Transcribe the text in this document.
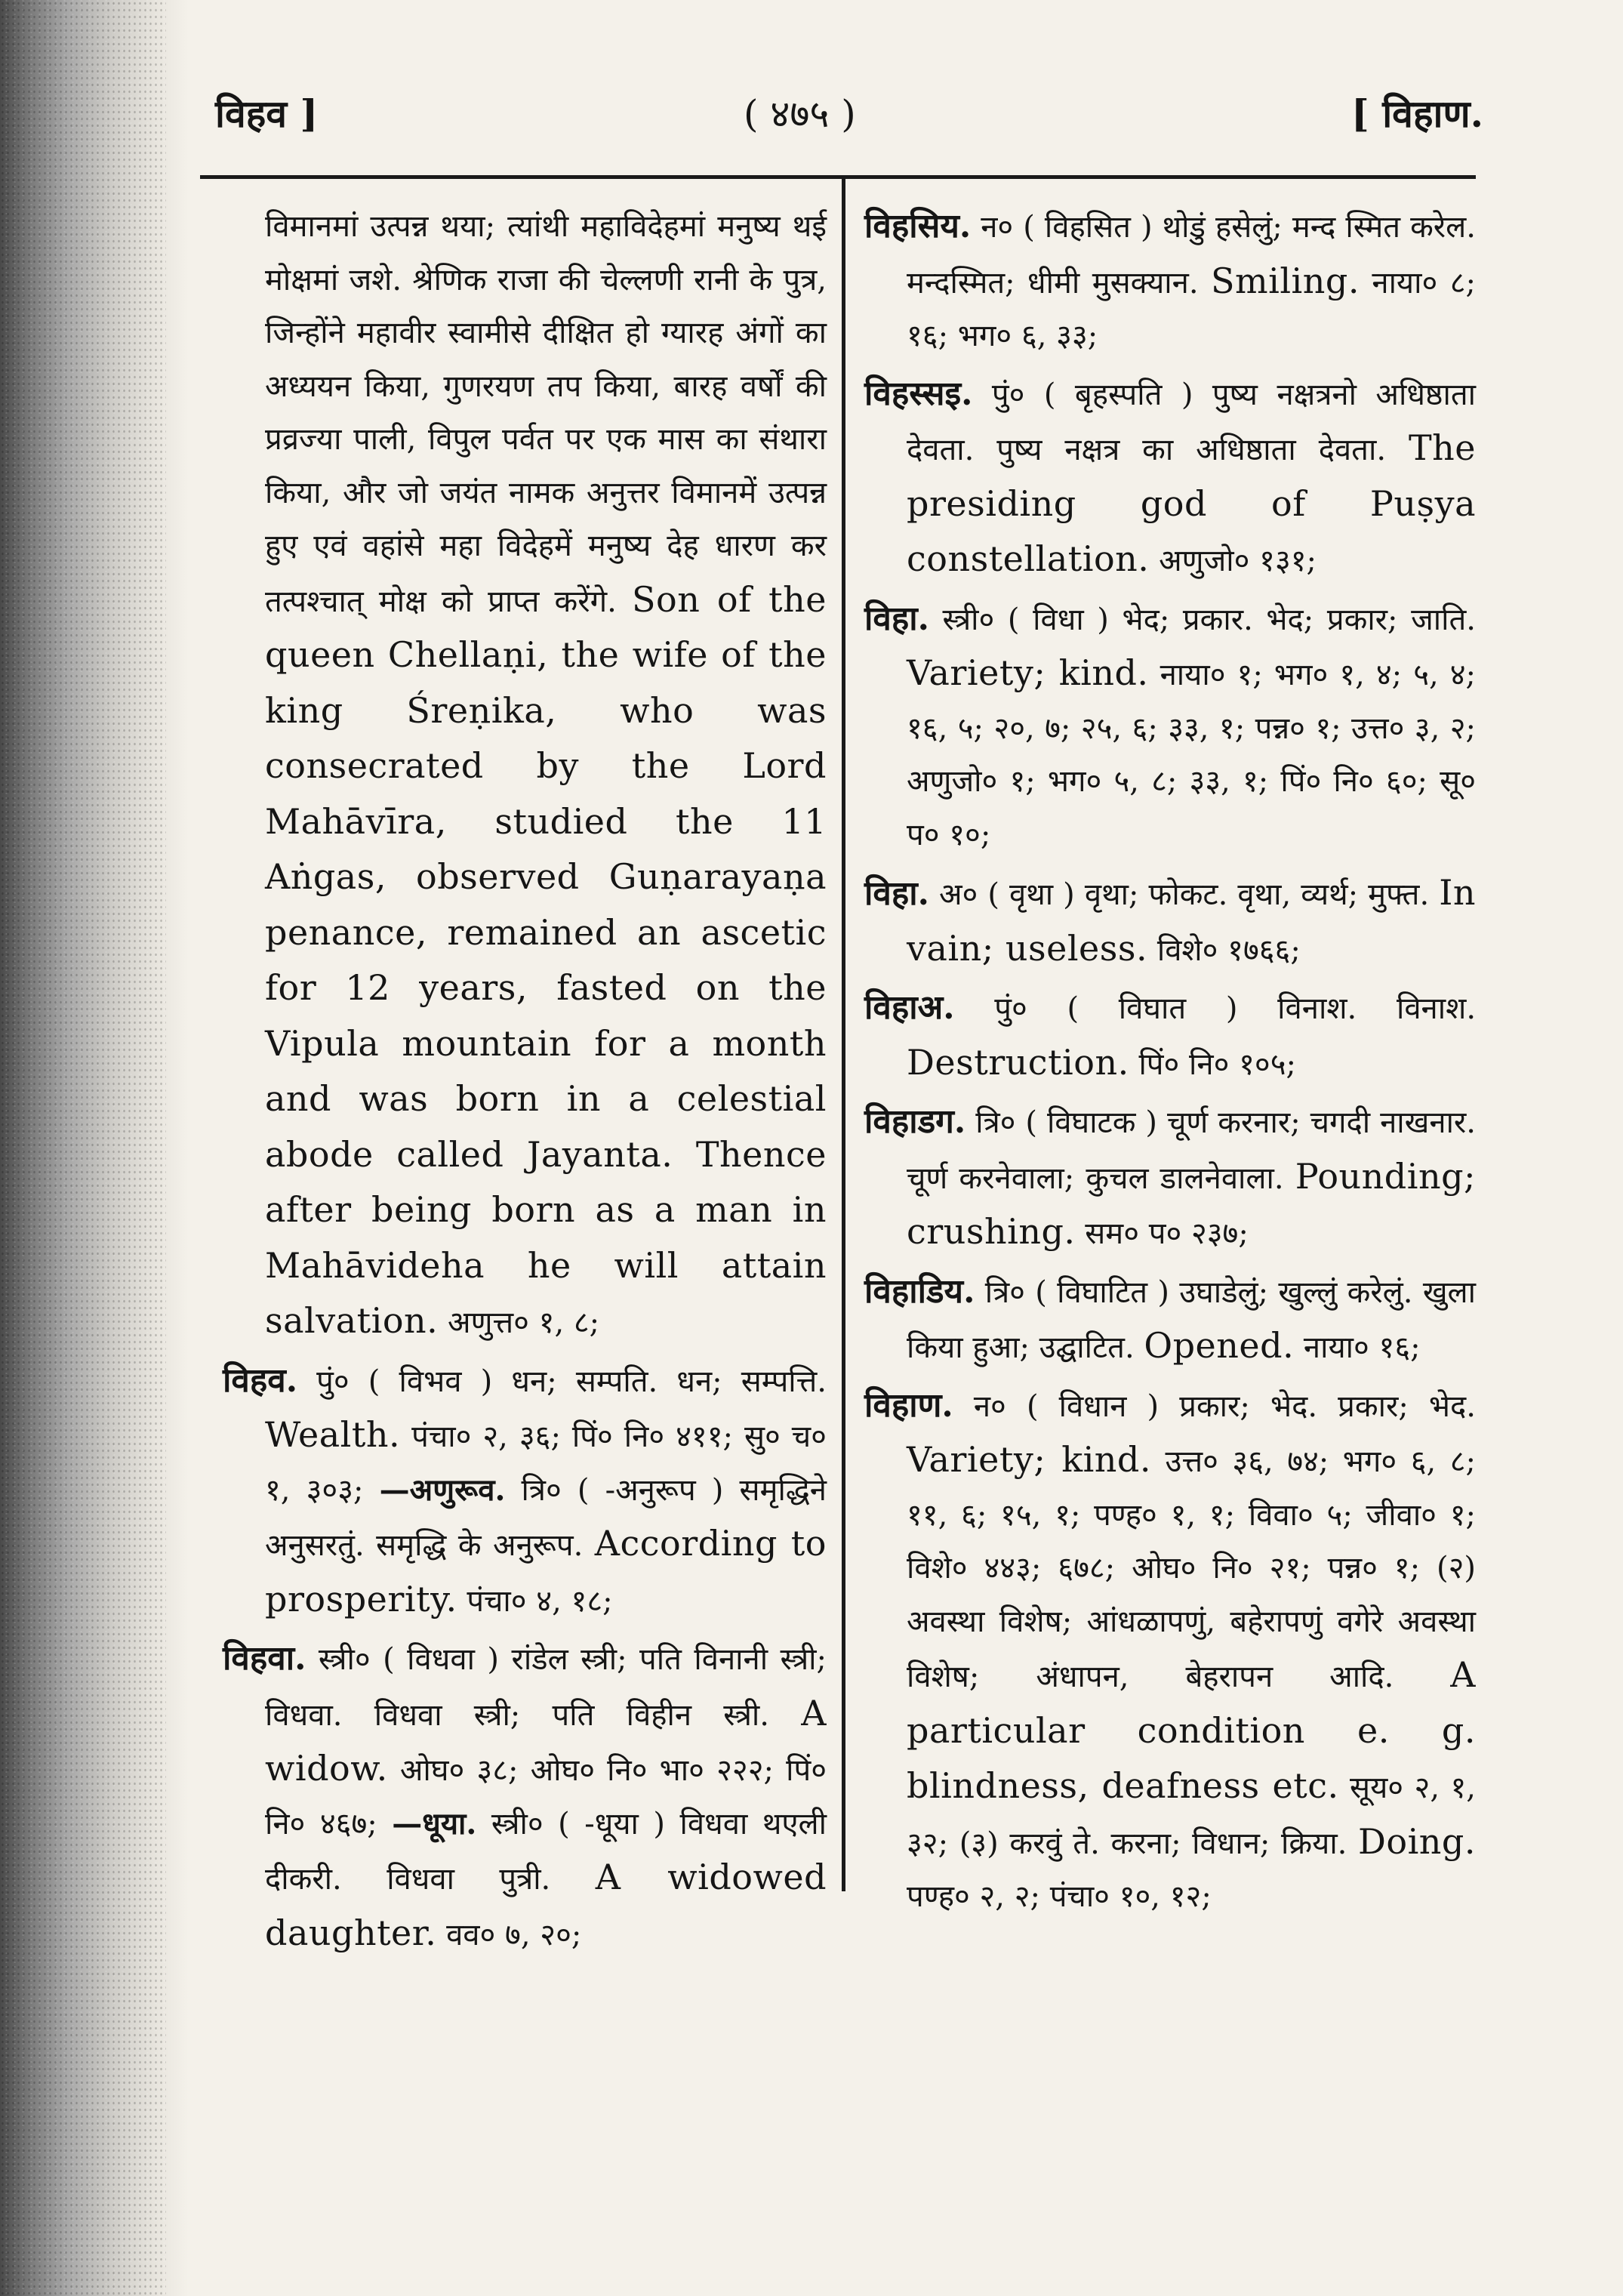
विहव ]	( ४७५ )	[ विहाण.

विमानमां उत्पन्न थया; त्यांथी महाविदेहमां मनुष्य थई मोक्षमां जशे. श्रेणिक राजा की चेल्लणी रानी के पुत्र, जिन्होंने महावीर स्वामीसे दीक्षित हो ग्यारह अंगों का अध्ययन किया, गुणरयण तप किया, बारह वर्षों की प्रव्रज्या पाली, विपुल पर्वत पर एक मास का संथारा किया, और जो जयंत नामक अनुत्तर विमानमें उत्पन्न हुए एवं वहांसे महा विदेहमें मनुष्य देह धारण कर तत्पश्चात् मोक्ष को प्राप्त करेंगे. Son of the queen Chellaṇi, the wife of the king Śreṇika, who was consecrated by the Lord Mahāvīra, studied the 11 Aṅgas, observed Guṇarayaṇa penance, remained an ascetic for 12 years, fasted on the Vipula mountain for a month and was born in a celestial abode called Jayanta. Thence after being born as a man in Mahāvideha he will attain salvation. अणुत्त० १, ८;

विहव. पुं० ( विभव ) धन; सम्पति. धन; सम्पत्ति. Wealth. पंचा० २, ३६; पिं० नि० ४११; सु० च० १, ३०३; —अणुरूव. त्रि० ( -अनुरूप ) समृद्धिने अनुसरतुं. समृद्धि के अनुरूप. According to prosperity. पंचा० ४, १८;

विहवा. स्त्री० ( विधवा ) रांडेल स्त्री; पति विनानी स्त्री; विधवा. विधवा स्त्री; पति विहीन स्त्री. A widow. ओघ० ३८; ओघ० नि० भा० २२२; पिं० नि० ४६७; —धूया. स्त्री० ( -धूया ) विधवा थएली दीकरी. विधवा पुत्री. A widowed daughter. वव० ७, २०;

विहसिय. न० ( विहसित ) थोडुं हसेलुं; मन्द स्मित करेल. मन्दस्मित; धीमी मुसक्यान. Smiling. नाया० ८; १६; भग० ६, ३३;

विहस्सइ. पुं० ( बृहस्पति ) पुष्य नक्षत्रनो अधिष्ठाता देवता. पुष्य नक्षत्र का अधिष्ठाता देवता. The presiding god of Puṣya constellation. अणुजो० १३१;

विहा. स्त्री० ( विधा ) भेद; प्रकार. भेद; प्रकार; जाति. Variety; kind. नाया० १; भग० १, ४; ५, ४; १६, ५; २०, ७; २५, ६; ३३, १; पन्न० १; उत्त० ३, २; अणुजो० १; भग० ५, ८; ३३, १; पिं० नि० ६०; सू० प० १०;

विहा. अ० ( वृथा ) वृथा; फोकट. वृथा, व्यर्थ; मुफ्त. In vain; useless. विशे० १७६६;

विहाअ. पुं० ( विघात ) विनाश. विनाश. Destruction. पिं० नि० १०५;

विहाडग. त्रि० ( विघाटक ) चूर्ण करनार; चगदी नाखनार. चूर्ण करनेवाला; कुचल डालनेवाला. Pounding; crushing. सम० प० २३७;

विहाडिय. त्रि० ( विघाटित ) उघाडेलुं; खुल्लुं करेलुं. खुला किया हुआ; उद्घाटित. Opened. नाया० १६;

विहाण. न० ( विधान ) प्रकार; भेद. प्रकार; भेद. Variety; kind. उत्त० ३६, ७४; भग० ६, ८; ११, ६; १५, १; पण्ह० १, १; विवा० ५; जीवा० १; विशे० ४४३; ६७८; ओघ० नि० २१; पन्न० १; (२) अवस्था विशेष; आंधळापणुं, बहेरापणुं वगेरे अवस्था विशेष; अंधापन, बेहरापन आदि. A particular condition e. g. blindness, deafness etc. सूय० २, १, ३२; (३) करवुं ते. करना; विधान; क्रिया. Doing. पण्ह० २, २; पंचा० १०, १२;
